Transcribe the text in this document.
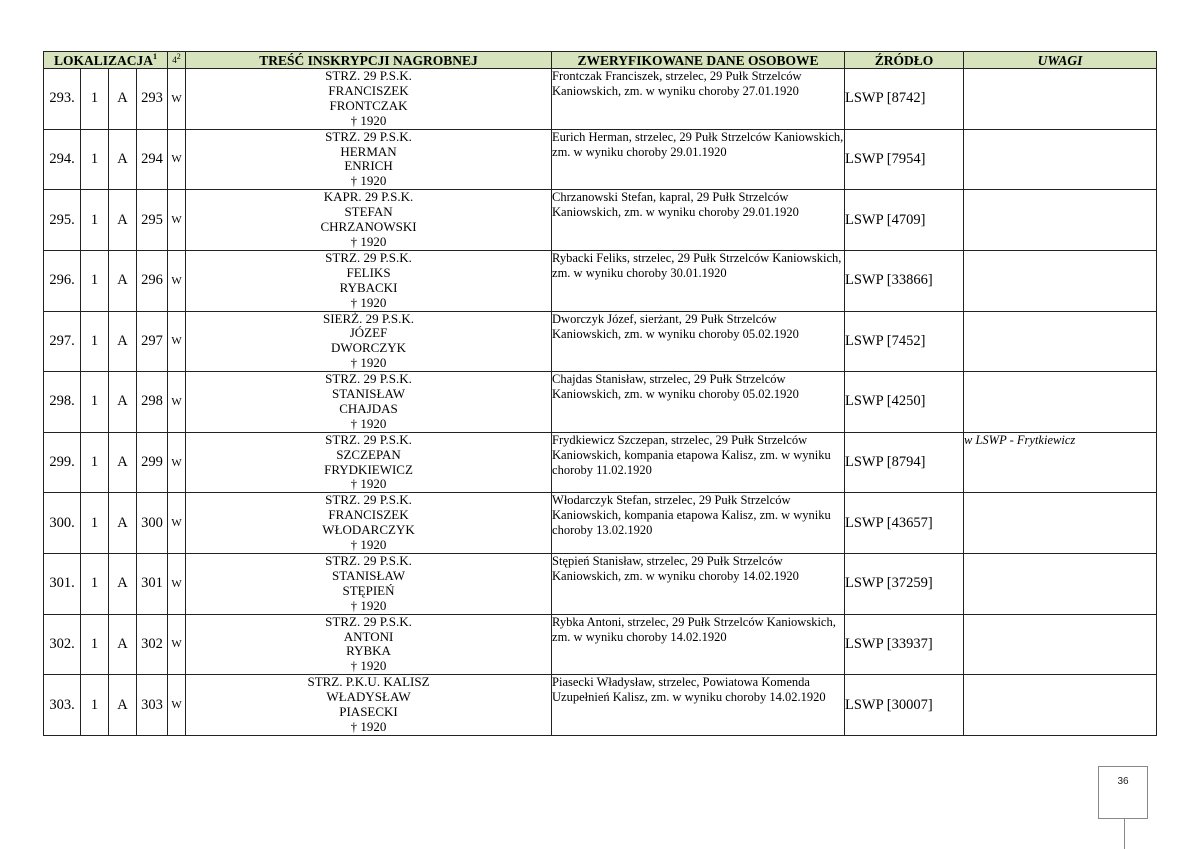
LOKALIZACJA$^1$				$4^2$	TREŚĆ INSKRYPCJI NAGROBNEJ	ZWERYFIKOWANE DANE OSOBOWE	ŹRÓDŁO	UWAGI
293.	1	A	293	W	STRZ. 29 P.S.K.
FRANCISZEK
FRONTCZAK
† 1920	Frontczak Franciszek, strzelec, 29 Pułk Strzelców Kaniowskich, zm. w wyniku choroby 27.01.1920	LSWP [8742]	
294.	1	A	294	W	STRZ. 29 P.S.K.
HERMAN
ENRICH
† 1920	Eurich Herman, strzelec, 29 Pułk Strzelców Kaniowskich, zm. w wyniku choroby 29.01.1920	LSWP [7954]	
295.	1	A	295	W	KAPR. 29 P.S.K.
STEFAN
CHRZANOWSKI
† 1920	Chrzanowski Stefan, kapral, 29 Pułk Strzelców Kaniowskich, zm. w wyniku choroby 29.01.1920	LSWP [4709]	
296.	1	A	296	W	STRZ. 29 P.S.K.
FELIKS
RYBACKI
† 1920	Rybacki Feliks, strzelec, 29 Pułk Strzelców Kaniowskich, zm. w wyniku choroby 30.01.1920	LSWP [33866]	
297.	1	A	297	W	SIERŻ. 29 P.S.K.
JÓZEF
DWORCZYK
† 1920	Dworczyk Józef, sierżant, 29 Pułk Strzelców Kaniowskich, zm. w wyniku choroby 05.02.1920	LSWP [7452]	
298.	1	A	298	W	STRZ. 29 P.S.K.
STANISŁAW
CHAJDAS
† 1920	Chajdas Stanisław, strzelec, 29 Pułk Strzelców Kaniowskich, zm. w wyniku choroby 05.02.1920	LSWP [4250]	
299.	1	A	299	W	STRZ. 29 P.S.K.
SZCZEPAN
FRYDKIEWICZ
† 1920	Frydkiewicz Szczepan, strzelec, 29 Pułk Strzelców Kaniowskich, kompania etapowa Kalisz, zm. w wyniku choroby 11.02.1920	LSWP [8794]	w LSWP - Frytkiewicz
300.	1	A	300	W	STRZ. 29 P.S.K.
FRANCISZEK
WŁODARCZYK
† 1920	Włodarczyk Stefan, strzelec, 29 Pułk Strzelców Kaniowskich, kompania etapowa Kalisz, zm. w wyniku choroby 13.02.1920	LSWP [43657]	
301.	1	A	301	W	STRZ. 29 P.S.K.
STANISŁAW
STĘPIEŃ
† 1920	Stępień Stanisław, strzelec, 29 Pułk Strzelców Kaniowskich, zm. w wyniku choroby 14.02.1920	LSWP [37259]	
302.	1	A	302	W	STRZ. 29 P.S.K.
ANTONI
RYBKA
† 1920	Rybka Antoni, strzelec, 29 Pułk Strzelców Kaniowskich, zm. w wyniku choroby 14.02.1920	LSWP [33937]	
303.	1	A	303	W	STRZ. P.K.U. KALISZ
WŁADYSŁAW
PIASECKI
† 1920	Piasecki Władysław, strzelec, Powiatowa Komenda Uzupełnień Kalisz, zm. w wyniku choroby 14.02.1920	LSWP [30007]	
36
